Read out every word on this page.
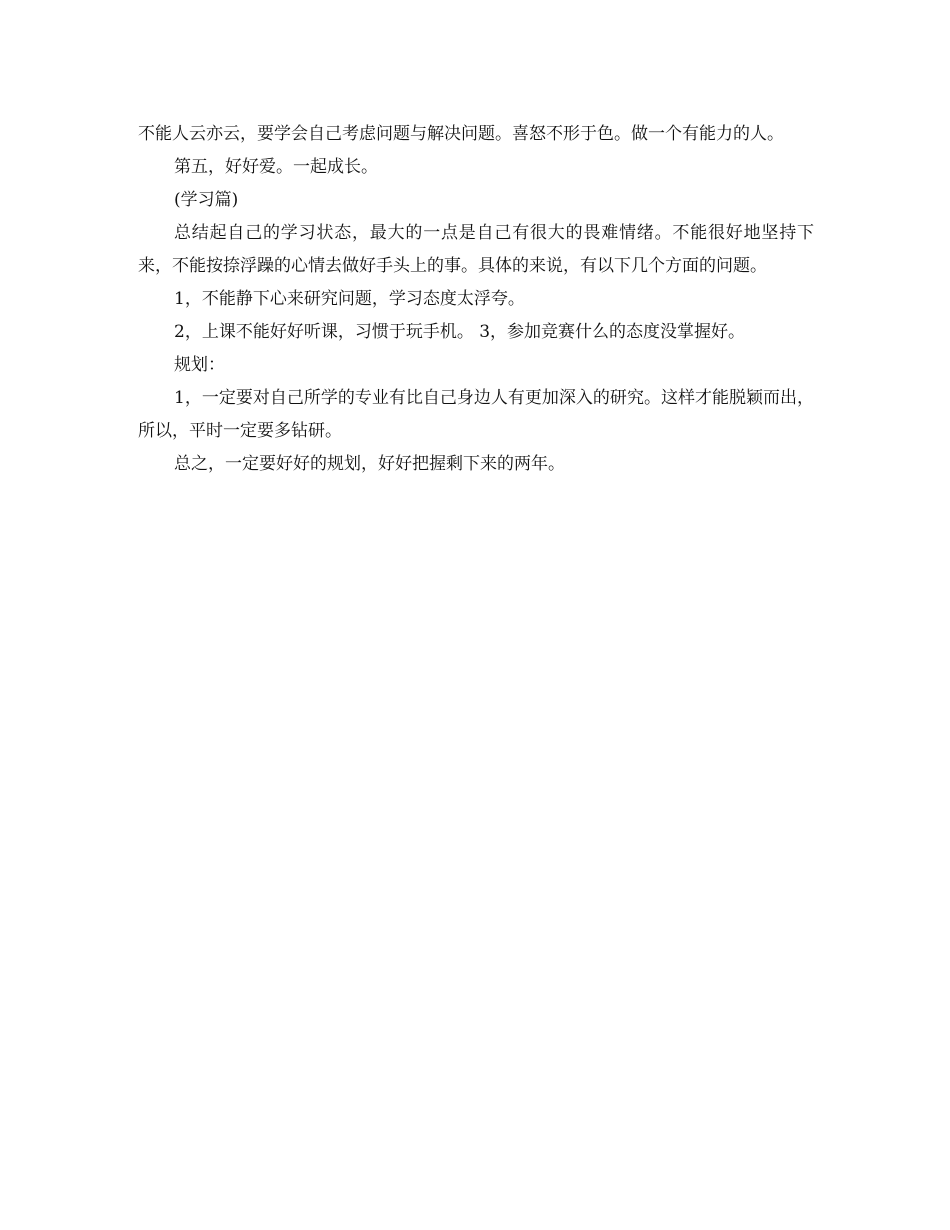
不能人云亦云，要学会自己考虑问题与解决问题。喜怒不形于色。做一个有能力的人。

第五，好好爱。一起成长。

(学习篇)

总结起自己的学习状态，最大的一点是自己有很大的畏难情绪。不能很好地坚持下来，不能按捺浮躁的心情去做好手头上的事。具体的来说，有以下几个方面的问题。

1，不能静下心来研究问题，学习态度太浮夸。

2，上课不能好好听课，习惯于玩手机。 3，参加竞赛什么的态度没掌握好。

规划：

1，一定要对自己所学的专业有比自己身边人有更加深入的研究。这样才能脱颖而出，所以，平时一定要多钻研。

总之，一定要好好的规划，好好把握剩下来的两年。
